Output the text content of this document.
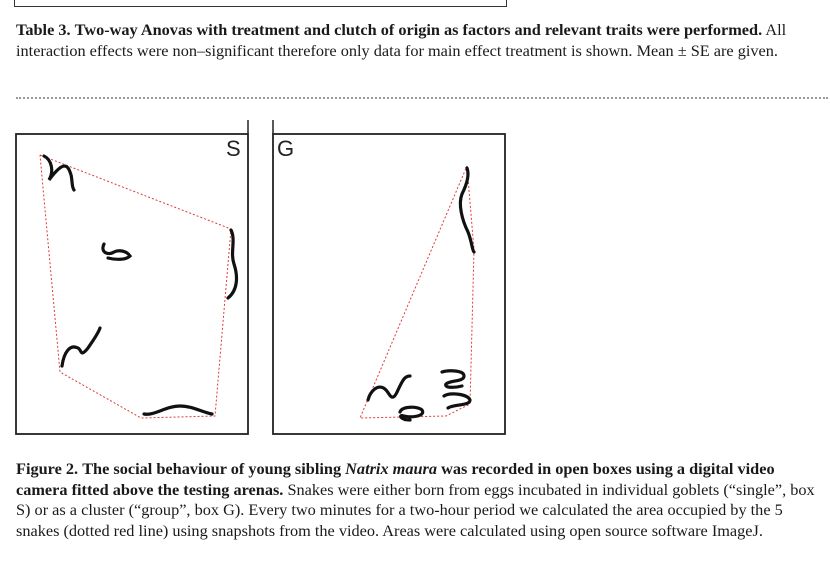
Table 3. Two-way Anovas with treatment and clutch of origin as factors and relevant traits were performed. All interaction effects were non–significant therefore only data for main effect treatment is shown. Mean ± SE are given.
S G
Figure 2. The social behaviour of young sibling Natrix maura was recorded in open boxes using a digital video camera fitted above the testing arenas. Snakes were either born from eggs incubated in individual goblets (“single”, box S) or as a cluster (“group”, box G). Every two minutes for a two-hour period we calculated the area occupied by the 5 snakes (dotted red line) using snapshots from the video. Areas were calculated using open source software ImageJ.
